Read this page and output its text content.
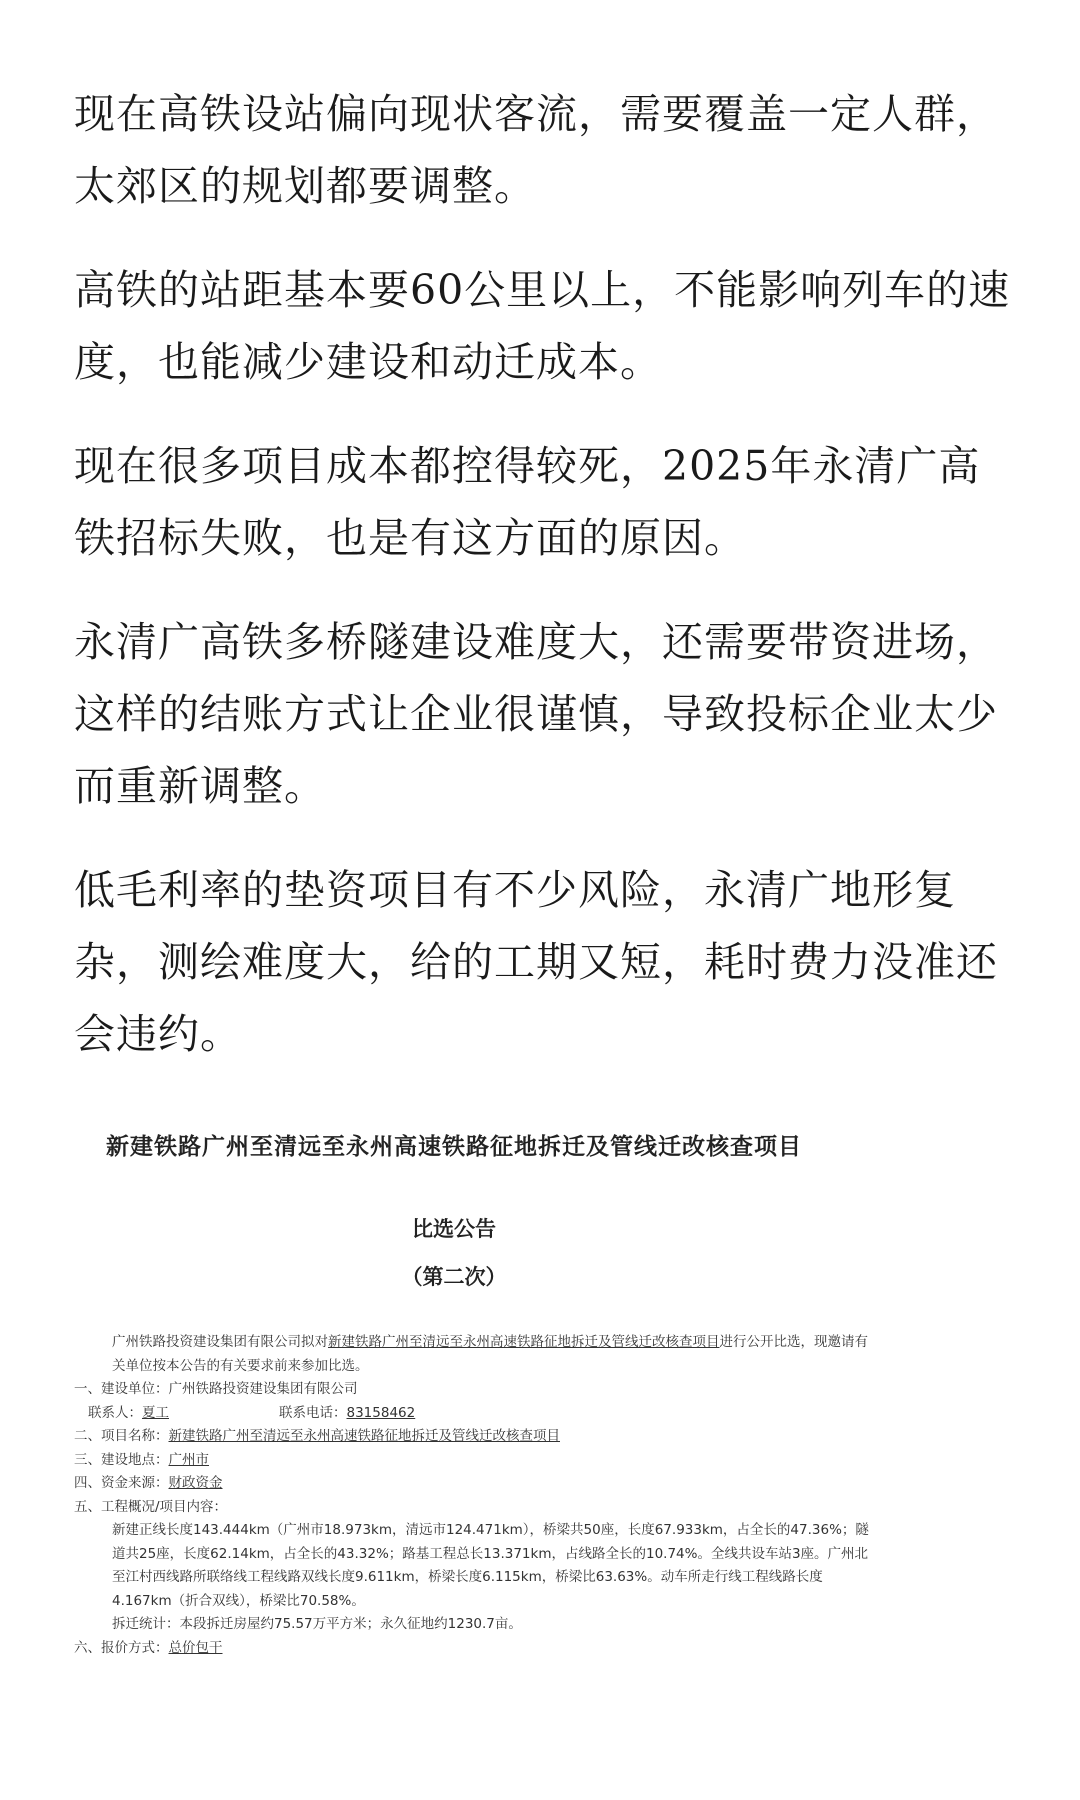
现在高铁设站偏向现状客流，需要覆盖一定人群，太郊区的规划都要调整。

高铁的站距基本要60公里以上，不能影响列车的速度，也能减少建设和动迁成本。

现在很多项目成本都控得较死，2025年永清广高铁招标失败，也是有这方面的原因。

永清广高铁多桥隧建设难度大，还需要带资进场，这样的结账方式让企业很谨慎，导致投标企业太少而重新调整。

低毛利率的垫资项目有不少风险，永清广地形复杂，测绘难度大，给的工期又短，耗时费力没准还会违约。

新建铁路广州至清远至永州高速铁路征地拆迁及管线迁改核查项目
比选公告
（第二次）

广州铁路投资建设集团有限公司拟对新建铁路广州至清远至永州高速铁路征地拆迁及管线迁改核查项目进行公开比选，现邀请有关单位按本公告的有关要求前来参加比选。

一、建设单位：广州铁路投资建设集团有限公司

联系人：夏工	联系电话：83158462

二、项目名称：新建铁路广州至清远至永州高速铁路征地拆迁及管线迁改核查项目

三、建设地点：广州市

四、资金来源：财政资金

五、工程概况/项目内容：

新建正线长度143.444km（广州市18.973km，清远市124.471km），桥梁共50座，长度67.933km，占全长的47.36%；隧道共25座，长度62.14km，占全长的43.32%；路基工程总长13.371km，占线路全长的10.74%。全线共设车站3座。广州北至江村西线路所联络线工程线路双线长度9.611km，桥梁长度6.115km，桥梁比63.63%。动车所走行线工程线路长度4.167km（折合双线），桥梁比70.58%。

拆迁统计：本段拆迁房屋约75.57万平方米；永久征地约1230.7亩。

六、报价方式：总价包干
